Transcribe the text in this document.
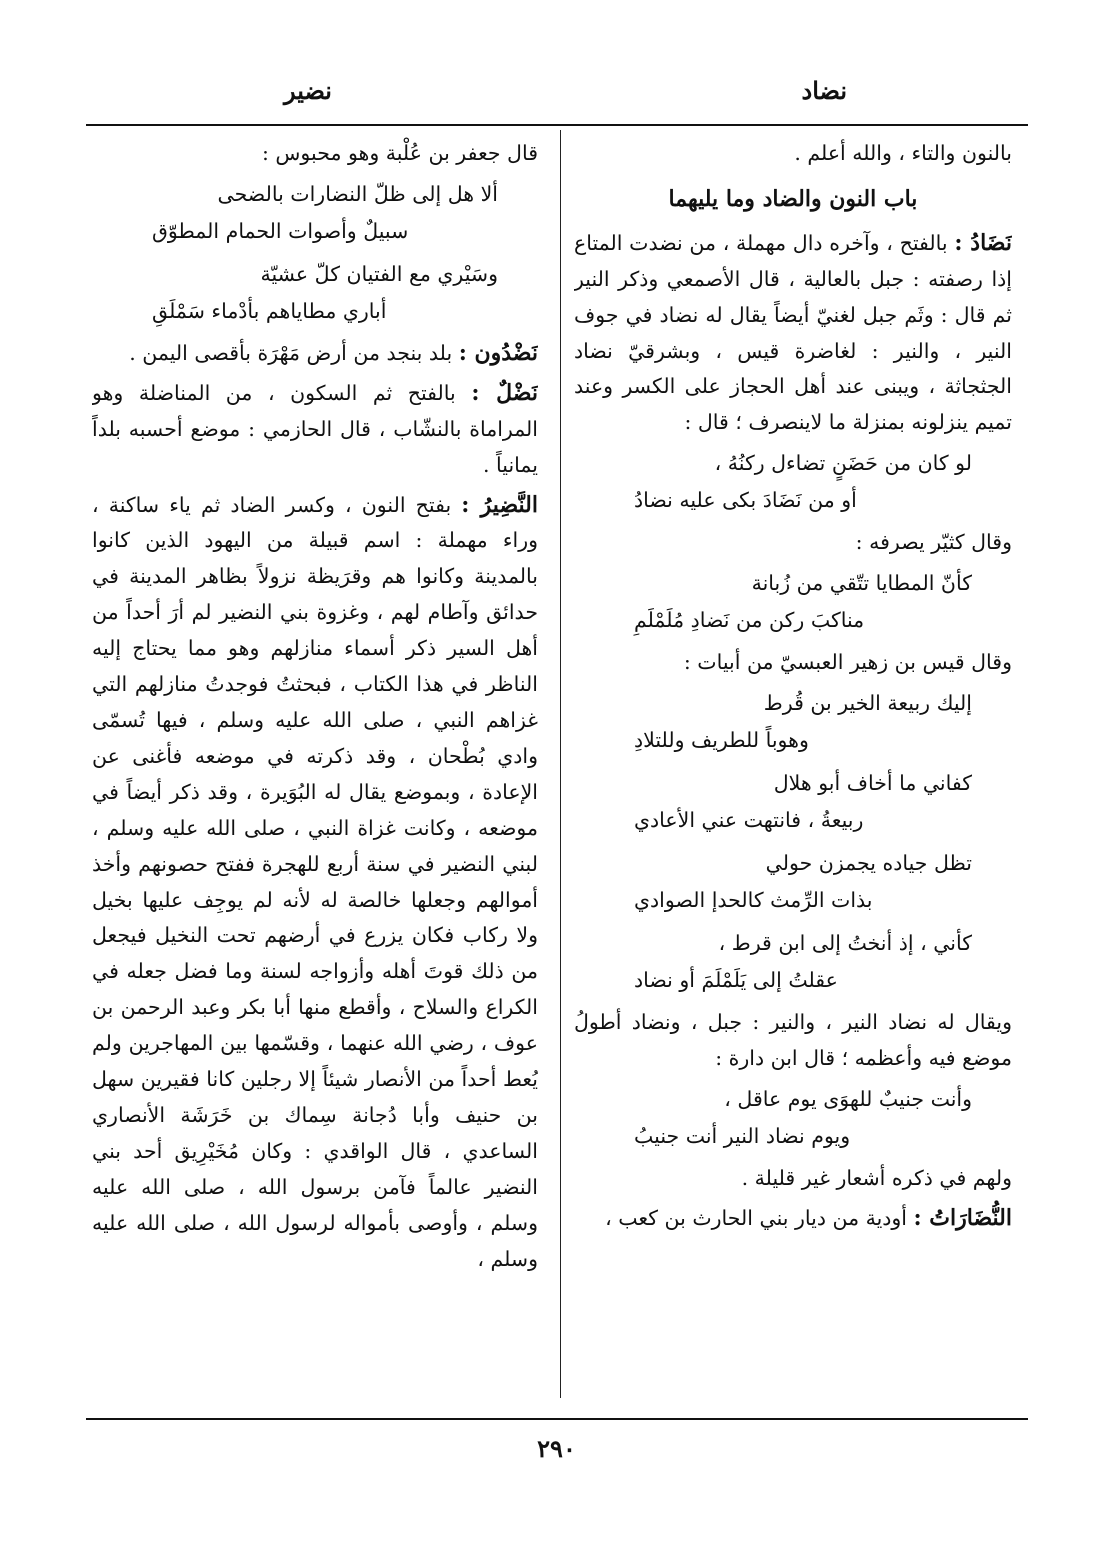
نضاد
نضير

بالنون والتاء ، والله أعلم .

باب النون والضاد وما يليهما

نَضَادُ : بالفتح ، وآخره دال مهملة ، من نضدت المتاع إذا رصفته : جبل بالعالية ، قال الأصمعي وذكر النير ثم قال : وثَم جبل لغنيّ أيضاً يقال له نضاد في جوف النير ، والنير : لغاضرة قيس ، وبشرقيّ نضاد الجثجاثة ، ويبنى عند أهل الحجاز على الكسر وعند تميم ينزلونه بمنزلة ما لاينصرف ؛ قال :

لو كان من حَضَنٍ تضاءل ركنُهُ ،
أو من نَضَادَ بكى عليه نضادُ

وقال كثيّر يصرفه :

كأنّ المطايا تتّقي من زُبانة
مناكبَ ركن من نَضادِ مُلَمْلَمِ

وقال قيس بن زهير العبسيّ من أبيات :

إليك ربيعة الخير بن قُرط
وهوباً للطريف وللتلادِ
كفاني ما أخاف أبو هلال
ربيعةُ ، فانتهت عني الأعادي
تظل جياده يجمزن حولي
بذات الرِّمث كالحدإ الصوادي
كأني ، إذ أنختُ إلى ابن قرط ،
عقلتُ إلى يَلَمْلَمَ أو نضاد

ويقال له نضاد النير ، والنير : جبل ، ونضاد أطولُ موضع فيه وأعظمه ؛ قال ابن دارة :

وأنت جنيبٌ للهوَى يوم عاقل ،
ويوم نضاد النير أنت جنيبُ

ولهم في ذكره أشعار غير قليلة .

النُّضَارَاتُ : أودية من ديار بني الحارث بن كعب ،

قال جعفر بن عُلْبة وهو محبوس :

ألا هل إلى ظلّ النضارات بالضحى
سبيلٌ وأصوات الحمام المطوّق
وسَيْري مع الفتيان كلّ عشيّة
أباري مطاياهم بأدْماء سَمْلَقِ

نَضْدُون : بلد بنجد من أرض مَهْرَة بأقصى اليمن .

نَضْلٌ : بالفتح ثم السكون ، من المناضلة وهو المراماة بالنشّاب ، قال الحازمي : موضع أحسبه بلداً يمانياً .

النَّضِيرُ : بفتح النون ، وكسر الضاد ثم ياء ساكنة ، وراء مهملة : اسم قبيلة من اليهود الذين كانوا بالمدينة وكانوا هم وقرَيظة نزولاً بظاهر المدينة في حدائق وآطام لهم ، وغزوة بني النضير لم أرَ أحداً من أهل السير ذكر أسماء منازلهم وهو مما يحتاج إليه الناظر في هذا الكتاب ، فبحثتُ فوجدتُ منازلهم التي غزاهم النبي ، صلى الله عليه وسلم ، فيها تُسمّى وادي بُطْحان ، وقد ذكرته في موضعه فأغنى عن الإعادة ، وبموضع يقال له البُوَيرة ، وقد ذكر أيضاً في موضعه ، وكانت غزاة النبي ، صلى الله عليه وسلم ، لبني النضير في سنة أربع للهجرة ففتح حصونهم وأخذ أموالهم وجعلها خالصة له لأنه لم يوجِف عليها بخيل ولا ركاب فكان يزرع في أرضهم تحت النخيل فيجعل من ذلك قوتَ أهله وأزواجه لسنة وما فضل جعله في الكراع والسلاح ، وأقطع منها أبا بكر وعبد الرحمن بن عوف ، رضي الله عنهما ، وقسّمها بين المهاجرين ولم يُعط أحداً من الأنصار شيئاً إلا رجلين كانا فقيرين سهل بن حنيف وأبا دُجانة سِماك بن خَرَشَة الأنصاري الساعدي ، قال الواقدي : وكان مُخَيْرِيق أحد بني النضير عالماً فآمن برسول الله ، صلى الله عليه وسلم ، وأوصى بأمواله لرسول الله ، صلى الله عليه وسلم ،

٢٩٠
